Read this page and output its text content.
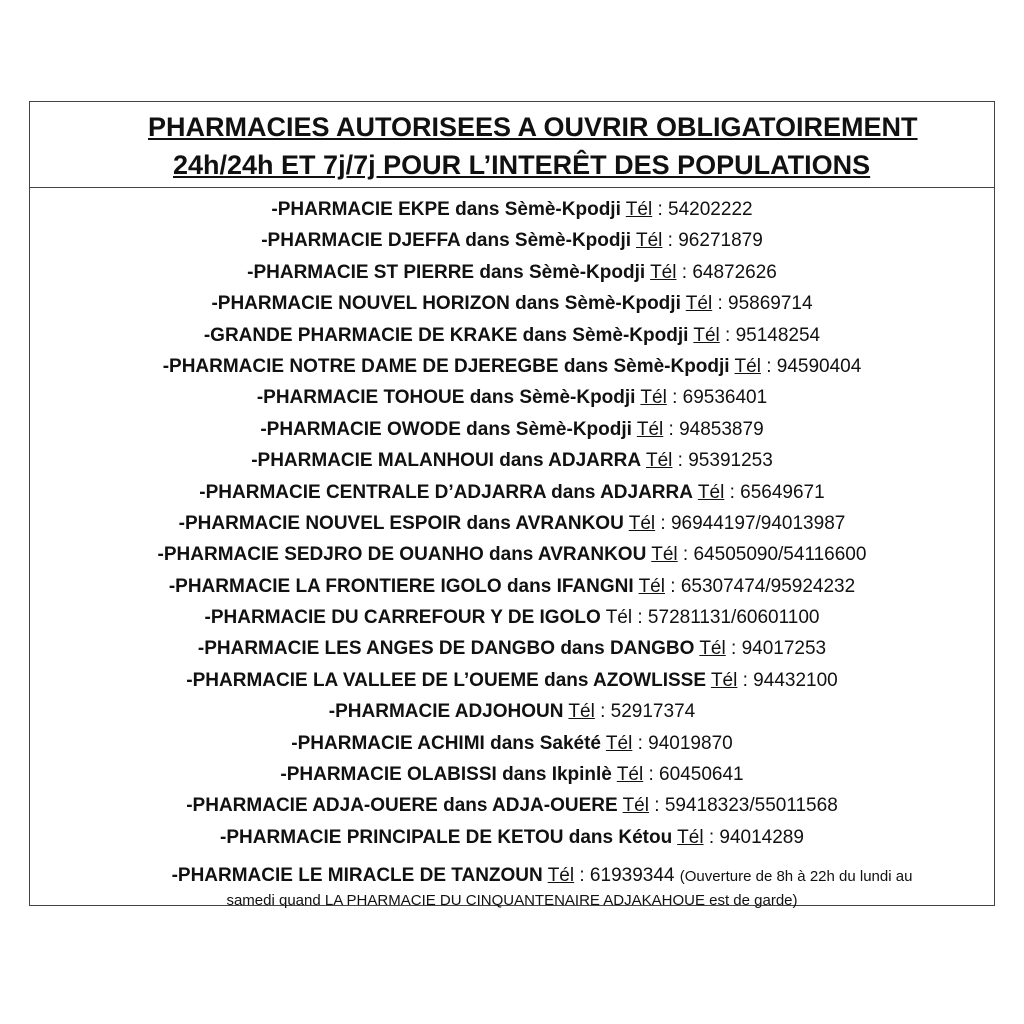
PHARMACIES AUTORISEES A OUVRIR OBLIGATOIREMENT
24h/24h ET 7j/7j POUR L’INTERÊT DES POPULATIONS
-PHARMACIE EKPE dans Sèmè-Kpodji Tél : 54202222
-PHARMACIE DJEFFA dans Sèmè-Kpodji Tél : 96271879
-PHARMACIE ST PIERRE dans Sèmè-Kpodji Tél : 64872626
-PHARMACIE NOUVEL HORIZON dans Sèmè-Kpodji Tél : 95869714
-GRANDE PHARMACIE DE KRAKE dans Sèmè-Kpodji Tél : 95148254
-PHARMACIE NOTRE DAME DE DJEREGBE dans Sèmè-Kpodji Tél : 94590404
-PHARMACIE TOHOUE dans Sèmè-Kpodji Tél : 69536401
-PHARMACIE OWODE dans Sèmè-Kpodji Tél : 94853879
-PHARMACIE MALANHOUI dans ADJARRA Tél : 95391253
-PHARMACIE CENTRALE D’ADJARRA dans ADJARRA Tél : 65649671
-PHARMACIE NOUVEL ESPOIR dans AVRANKOU Tél : 96944197/94013987
-PHARMACIE SEDJRO DE OUANHO dans AVRANKOU Tél : 64505090/54116600
-PHARMACIE LA FRONTIERE IGOLO dans IFANGNI Tél : 65307474/95924232
-PHARMACIE DU CARREFOUR Y DE IGOLO Tél : 57281131/60601100
-PHARMACIE LES ANGES DE DANGBO dans DANGBO Tél : 94017253
-PHARMACIE LA VALLEE DE L’OUEME dans AZOWLISSE Tél : 94432100
-PHARMACIE ADJOHOUN Tél : 52917374
-PHARMACIE ACHIMI dans Sakété Tél : 94019870
-PHARMACIE OLABISSI dans Ikpinlè Tél : 60450641
-PHARMACIE ADJA-OUERE dans ADJA-OUERE Tél : 59418323/55011568
-PHARMACIE PRINCIPALE DE KETOU dans Kétou Tél : 94014289
-PHARMACIE LE MIRACLE DE TANZOUN Tél : 61939344 (Ouverture de 8h à 22h du lundi au
samedi quand LA PHARMACIE DU CINQUANTENAIRE ADJAKAHOUE est de garde)
